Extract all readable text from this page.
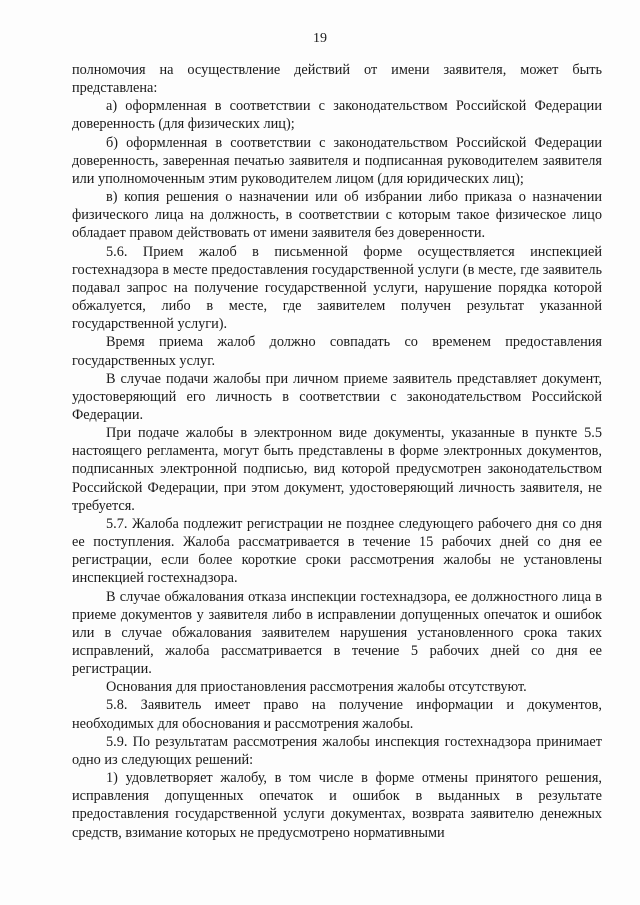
19

полномочия на осуществление действий от имени заявителя, может быть представлена:

а) оформленная в соответствии с законодательством Российской Федерации доверенность (для физических лиц);

б) оформленная в соответствии с законодательством Российской Федерации доверенность, заверенная печатью заявителя и подписанная руководителем заявителя или уполномоченным этим руководителем лицом (для юридических лиц);

в) копия решения о назначении или об избрании либо приказа о назначении физического лица на должность, в соответствии с которым такое физическое лицо обладает правом действовать от имени заявителя без доверенности.

5.6. Прием жалоб в письменной форме осуществляется инспекцией гостехнадзора в месте предоставления государственной услуги (в месте, где заявитель подавал запрос на получение государственной услуги, нарушение порядка которой обжалуется, либо в месте, где заявителем получен результат указанной государственной услуги).

Время приема жалоб должно совпадать со временем предоставления государственных услуг.

В случае подачи жалобы при личном приеме заявитель представляет документ, удостоверяющий его личность в соответствии с законодательством Российской Федерации.

При подаче жалобы в электронном виде документы, указанные в пункте 5.5 настоящего регламента, могут быть представлены в форме электронных документов, подписанных электронной подписью, вид которой предусмотрен законодательством Российской Федерации, при этом документ, удостоверяющий личность заявителя, не требуется.

5.7. Жалоба подлежит регистрации не позднее следующего рабочего дня со дня ее поступления. Жалоба рассматривается в течение 15 рабочих дней со дня ее регистрации, если более короткие сроки рассмотрения жалобы не установлены инспекцией гостехнадзора.

В случае обжалования отказа инспекции гостехнадзора, ее должностного лица в приеме документов у заявителя либо в исправлении допущенных опечаток и ошибок или в случае обжалования заявителем нарушения установленного срока таких исправлений, жалоба рассматривается в течение 5 рабочих дней со дня ее регистрации.

Основания для приостановления рассмотрения жалобы отсутствуют.

5.8. Заявитель имеет право на получение информации и документов, необходимых для обоснования и рассмотрения жалобы.

5.9. По результатам рассмотрения жалобы инспекция гостехнадзора принимает одно из следующих решений:

1) удовлетворяет жалобу, в том числе в форме отмены принятого решения, исправления допущенных опечаток и ошибок в выданных в результате предоставления государственной услуги документах, возврата заявителю денежных средств, взимание которых не предусмотрено нормативными
